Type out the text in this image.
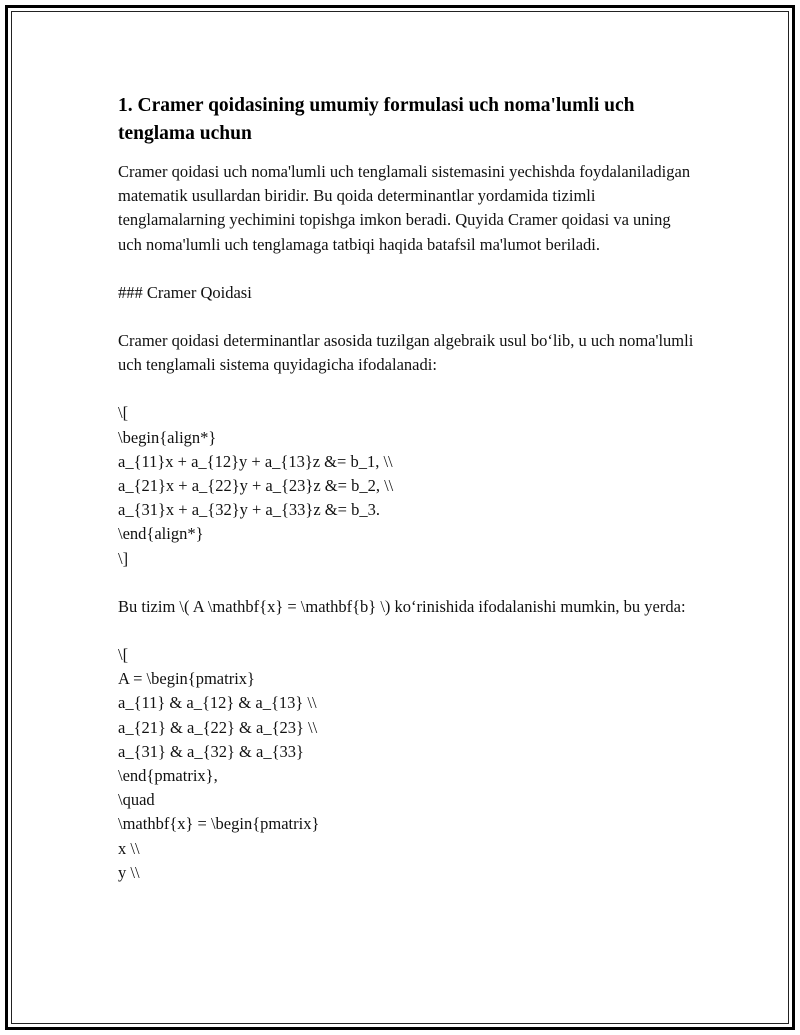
1. Cramer qoidasining umumiy formulasi uch noma'lumli uch tenglama uchun

Cramer qoidasi uch noma'lumli uch tenglamali sistemasini yechishda foydalaniladigan matematik usullardan biridir. Bu qoida determinantlar yordamida tizimli tenglamalarning yechimini topishga imkon beradi. Quyida Cramer qoidasi va uning uch noma'lumli uch tenglamaga tatbiqi haqida batafsil ma'lumot beriladi.

### Cramer Qoidasi

Cramer qoidasi determinantlar asosida tuzilgan algebraik usul bo‘lib, u uch noma'lumli uch tenglamali sistema quyidagicha ifodalanadi:

\[
\begin{align*}
a_{11}x + a_{12}y + a_{13}z &= b_1, \\
a_{21}x + a_{22}y + a_{23}z &= b_2, \\
a_{31}x + a_{32}y + a_{33}z &= b_3.
\end{align*}
\]

Bu tizim \( A \mathbf{x} = \mathbf{b} \) ko‘rinishida ifodalanishi mumkin, bu yerda:

\[
A = \begin{pmatrix}
a_{11} & a_{12} & a_{13} \\
a_{21} & a_{22} & a_{23} \\
a_{31} & a_{32} & a_{33}
\end{pmatrix},
\quad
\mathbf{x} = \begin{pmatrix}
x \\
y \\
